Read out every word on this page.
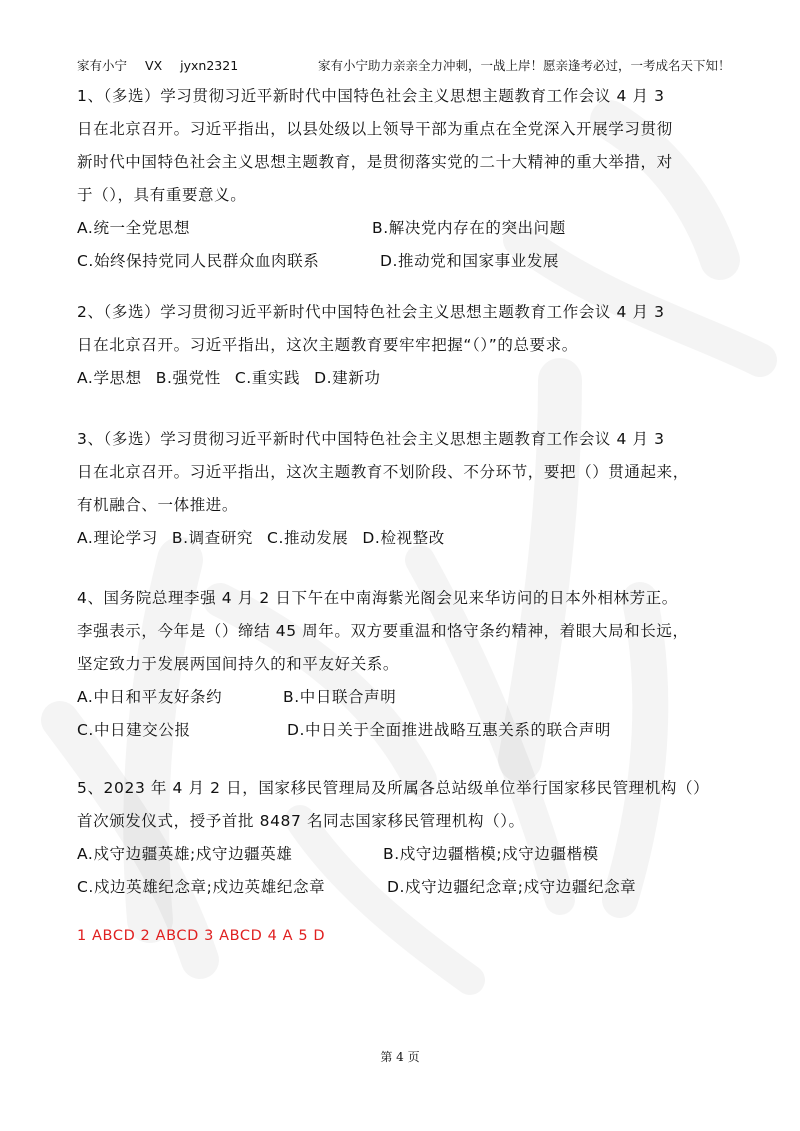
家有小宁 VX jyxn2321	家有小宁助力亲亲全力冲刺，一战上岸！愿亲逢考必过，一考成名天下知！

1、（多选）学习贯彻习近平新时代中国特色社会主义思想主题教育工作会议 4 月 3

日在北京召开。习近平指出，以县处级以上领导干部为重点在全党深入开展学习贯彻

新时代中国特色社会主义思想主题教育，是贯彻落实党的二十大精神的重大举措，对

于（），具有重要意义。

A.统一全党思想	B.解决党内存在的突出问题
C.始终保持党同人民群众血肉联系	D.推动党和国家事业发展

2、（多选）学习贯彻习近平新时代中国特色社会主义思想主题教育工作会议 4 月 3

日在北京召开。习近平指出，这次主题教育要牢牢把握“（）”的总要求。

A.学思想 B.强党性 C.重实践 D.建新功

3、（多选）学习贯彻习近平新时代中国特色社会主义思想主题教育工作会议 4 月 3

日在北京召开。习近平指出，这次主题教育不划阶段、不分环节，要把（）贯通起来，

有机融合、一体推进。

A.理论学习 B.调查研究 C.推动发展 D.检视整改

4、国务院总理李强 4 月 2 日下午在中南海紫光阁会见来华访问的日本外相林芳正。

李强表示，今年是（）缔结 45 周年。双方要重温和恪守条约精神，着眼大局和长远，

坚定致力于发展两国间持久的和平友好关系。

A.中日和平友好条约	B.中日联合声明
C.中日建交公报	D.中日关于全面推进战略互惠关系的联合声明

5、2023 年 4 月 2 日，国家移民管理局及所属各总站级单位举行国家移民管理机构（）

首次颁发仪式，授予首批 8487 名同志国家移民管理机构（）。

A.戍守边疆英雄;戍守边疆英雄	B.戍守边疆楷模;戍守边疆楷模
C.戍边英雄纪念章;戍边英雄纪念章	D.戍守边疆纪念章;戍守边疆纪念章
1 ABCD 2 ABCD 3 ABCD 4 A 5 D
第 4 页
